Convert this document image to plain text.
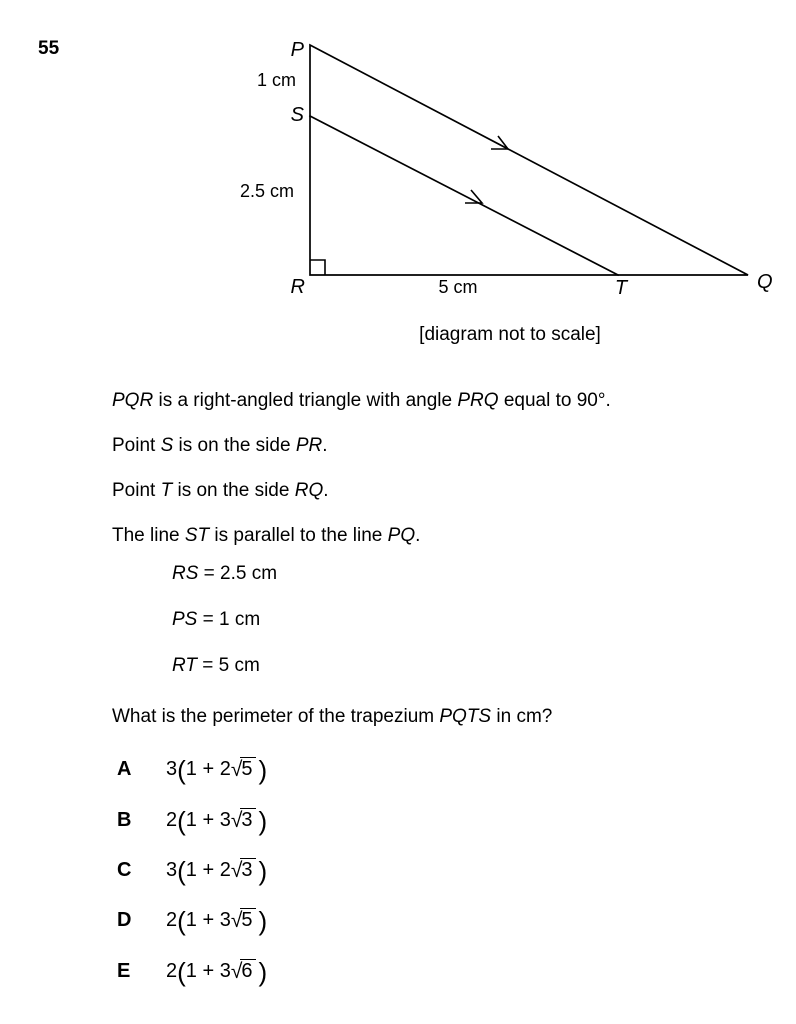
55	P
S
R	T	Q
1 cm
2.5 cm
5 cm
[diagram not to scale]
PQR is a right-angled triangle with angle PRQ equal to 90°.
Point S is on the side PR.
Point T is on the side RQ.
The line ST is parallel to the line PQ.
RS = 2.5 cm
PS = 1 cm
RT = 5 cm
What is the perimeter of the trapezium PQTS in cm?
A	3(1 + 2√5 )
B	2(1 + 3√3 )
C	3(1 + 2√3 )
D	2(1 + 3√5 )
E	2(1 + 3√6 )
